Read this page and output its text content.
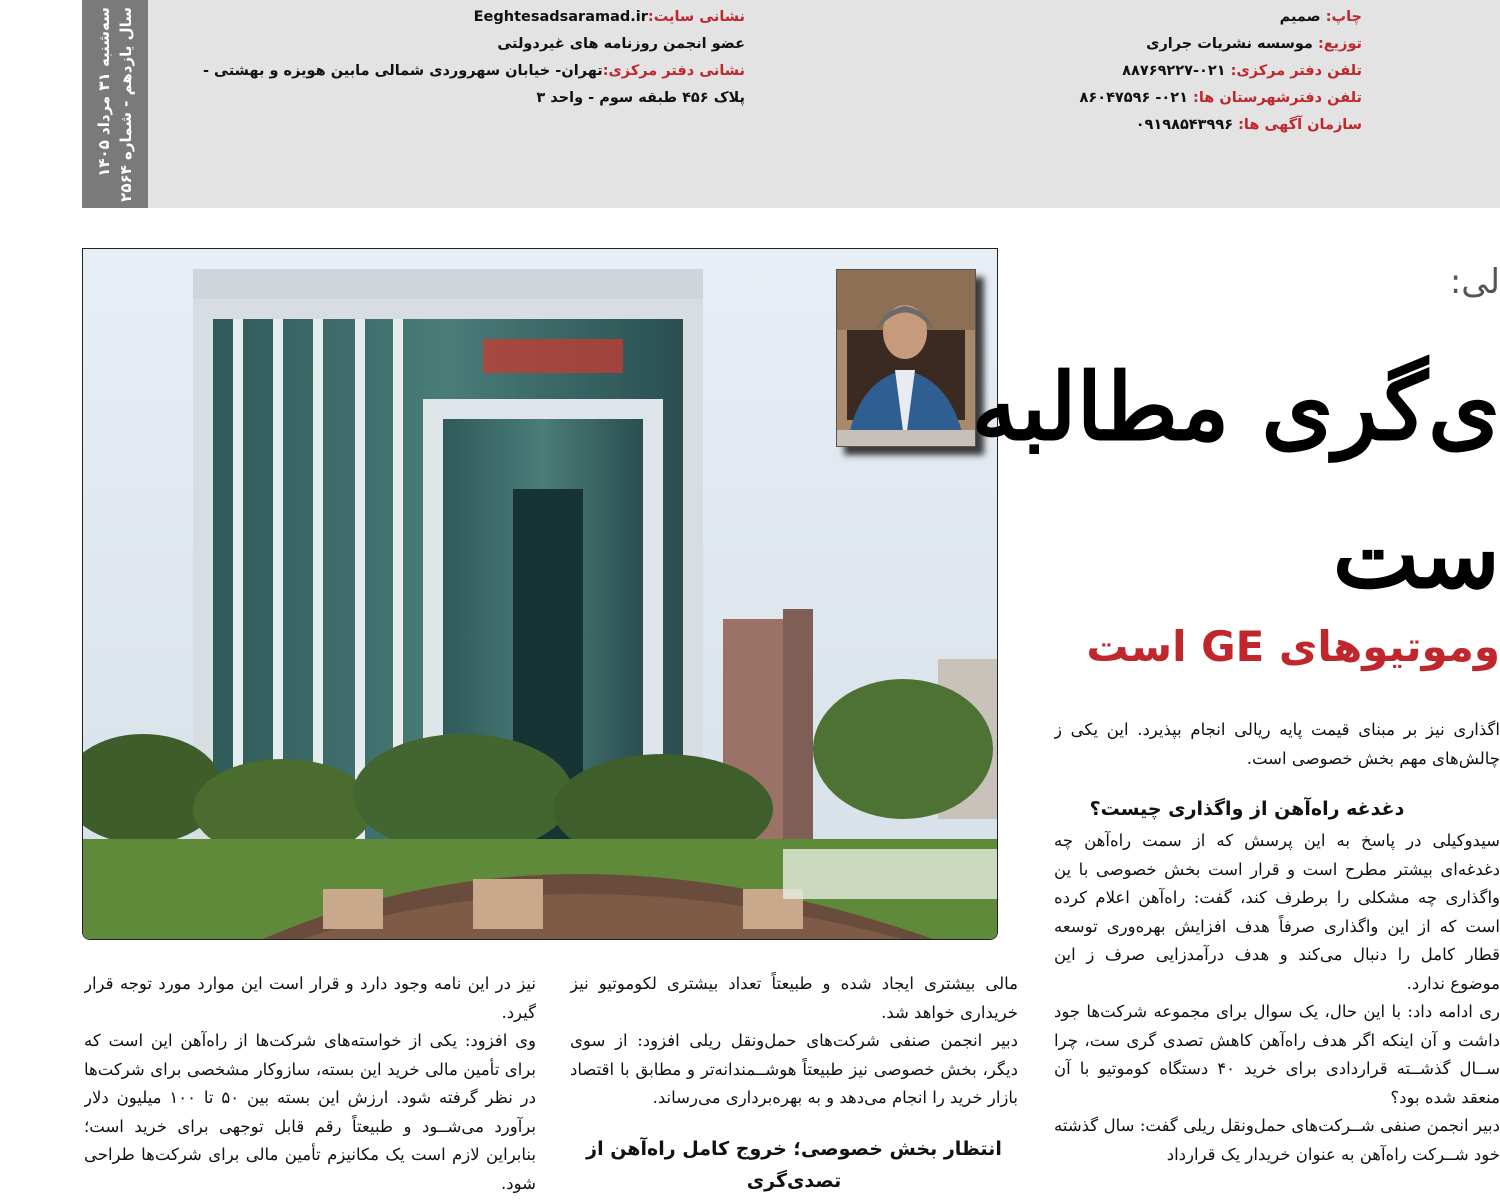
سه‌شنبه ۳۱ مرداد ۱۴۰۵
سال یازدهم - شماره ۲۵۶۴
	نشانی سایت:Eeghtesadsaramad.ir
عضو انجمن روزنامه های غیردولتی
نشانی دفتر مرکزی:تهران- خیابان سهروردی شمالی مابین هویزه و بهشتی -
پلاک ۴۵۶ طبقه سوم - واحد ۳

چاپ: صمیم
توزیع: موسسه نشریات جراری
تلفن دفتر مرکزی: ۰۲۱-۸۸۷۶۹۲۲۷
تلفن دفترشهرستان ها: ۰۲۱- ۸۶۰۴۷۵۹۶
سازمان آگهی ها: ۰۹۱۹۸۵۴۳۹۹۶
لی:
ی‌گری مطالبه
ست
وموتیوهای GE است

اگذاری نیز بر مبنای قیمت پایه ریالی انجام بپذیرد. این یکی ز چالش‌های مهم بخش خصوصی است.

دغدغه راه‌آهن از واگذاری چیست؟

سیدوکیلی در پاسخ به این پرسش که از سمت راه‌آهن چه دغدغه‌ای بیشتر مطرح است و قرار است بخش خصوصی با ین واگذاری چه مشکلی را برطرف کند، گفت: راه‌آهن اعلام کرده است که از این واگذاری صرفاً هدف افزایش بهره‌وری توسعه قطار کامل را دنبال می‌کند و هدف درآمدزایی صرف ز این موضوع ندارد.

ری ادامه داد: با این حال، یک سوال برای مجموعه شرکت‌ها جود داشت و آن اینکه اگر هدف راه‌آهن کاهش تصدی گری ست، چرا ســال گذشــته قراردادی برای خرید ۴۰ دستگاه کوموتیو با آن منعقد شده بود؟

دبیر انجمن صنفی شــرکت‌های حمل‌ونقل ریلی گفت: سال گذشته خود شــرکت راه‌آهن به عنوان خریدار یک قرارداد

مالی بیشتری ایجاد شده و طبیعتاً تعداد بیشتری لکوموتیو نیز خریداری خواهد شد.

دبیر انجمن صنفی شرکت‌های حمل‌ونقل ریلی افزود: از سوی دیگر، بخش خصوصی نیز طبیعتاً هوشــمندانه‌تر و مطابق با اقتصاد بازار خرید را انجام می‌دهد و به بهره‌برداری می‌رساند.

انتظار بخش خصوصی؛ خروج کامل راه‌آهن از تصدی‌گری

نیز در این نامه وجود دارد و قرار است این موارد مورد توجه قرار گیرد.

وی افزود: یکی از خواسته‌های شرکت‌ها از راه‌آهن این است که برای تأمین مالی خرید این بسته، سازوکار مشخصی برای شرکت‌ها در نظر گرفته شود. ارزش این بسته بین ۵۰ تا ۱۰۰ میلیون دلار برآورد می‌شــود و طبیعتاً رقم قابل توجهی برای خرید است؛ بنابراین لازم است یک مکانیزم تأمین مالی برای شرکت‌ها طراحی شود.
